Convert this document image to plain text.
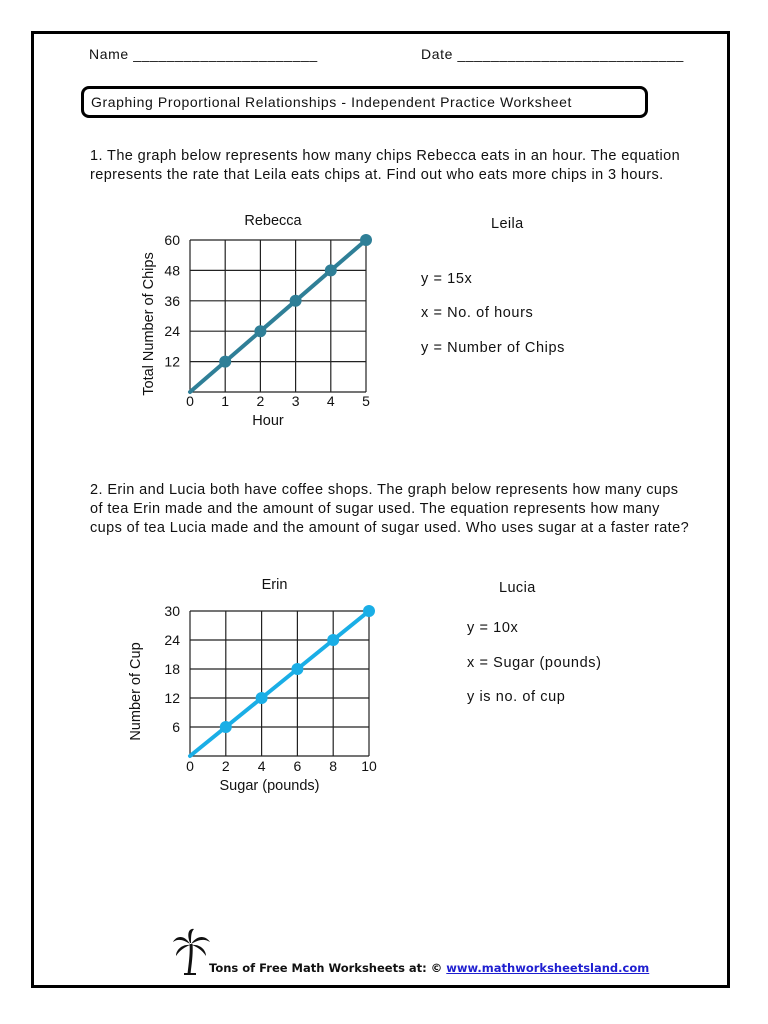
Name ______________________	Date ___________________________
Graphing Proportional Relationships - Independent Practice Worksheet

1. The graph below represents how many chips Rebecca eats in an hour. The equation represents the rate that Leila eats chips at. Find out who eats more chips in 3 hours.

2. Erin and Lucia both have coffee shops. The graph below represents how many cups of tea Erin made and the amount of sugar used. The equation represents how many cups of tea Lucia made and the amount of sugar used. Who uses sugar at a faster rate?

Rebecca
0 1 2 3 4 5
12
24
36
48
60
Hour
Total Number of Chips
Erin
0 2 4 6 8 10
6
12
18
24
30
Sugar (pounds)
Number of Cup
Leila
y = 15x
x = No. of hours
y = Number of Chips
Lucia
y = 10x
x = Sugar (pounds)
y is no. of cup
Tons of Free Math Worksheets at: © www.mathworksheetsland.com
